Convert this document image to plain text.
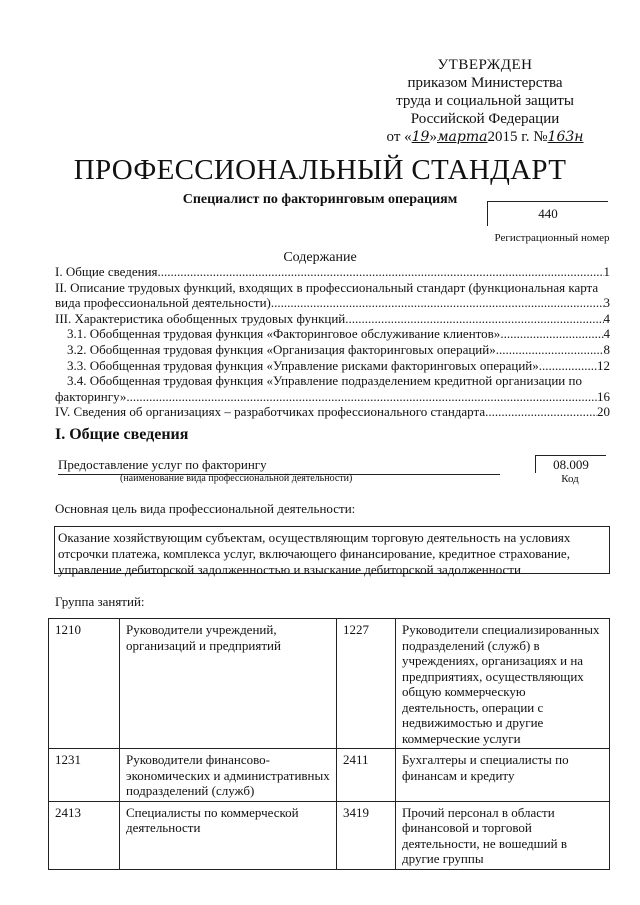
УТВЕРЖДЕН
приказом Министерства
труда и социальной защиты
Российской Федерации
от «19»марта2015 г. №163н
ПРОФЕССИОНАЛЬНЫЙ СТАНДАРТ
Специалист по факторинговым операциям
440
Регистрационный номер
Содержание
I. Общие сведения .....	1
II. Описание трудовых функций, входящих в профессиональный стандарт (функциональная карта
вида профессиональной деятельности) .....	3
III. Характеристика обобщенных трудовых функций .....	4
3.1. Обобщенная трудовая функция «Факторинговое обслуживание клиентов» .....	4
3.2. Обобщенная трудовая функция «Организация факторинговых операций» .....	8
3.3. Обобщенная трудовая функция «Управление рисками факторинговых операций» .....	12
3.4. Обобщенная трудовая функция «Управление подразделением кредитной организации по
факторингу» .....	16
IV. Сведения об организациях – разработчиках профессионального стандарта .....	20
I. Общие сведения
Предоставление услуг по факторингу
(наименование вида профессиональной деятельности)
08.009
Код
Основная цель вида профессиональной деятельности:
Оказание хозяйствующим субъектам, осуществляющим торговую деятельность на условиях отсрочки платежа, комплекса услуг, включающего финансирование, кредитное страхование, управление дебиторской задолженностью и взыскание дебиторской задолженности
Группа занятий:
1210	Руководители учреждений, организаций и предприятий	1227	Руководители специализированных подразделений (служб) в учреждениях, организациях и на предприятиях, осуществляющих общую коммерческую деятельность, операции с недвижимостью и другие коммерческие услуги
1231	Руководители финансово-экономических и административных подразделений (служб)	2411	Бухгалтеры и специалисты по финансам и кредиту
2413	Специалисты по коммерческой деятельности	3419	Прочий персонал в области финансовой и торговой деятельности, не вошедший в другие группы
